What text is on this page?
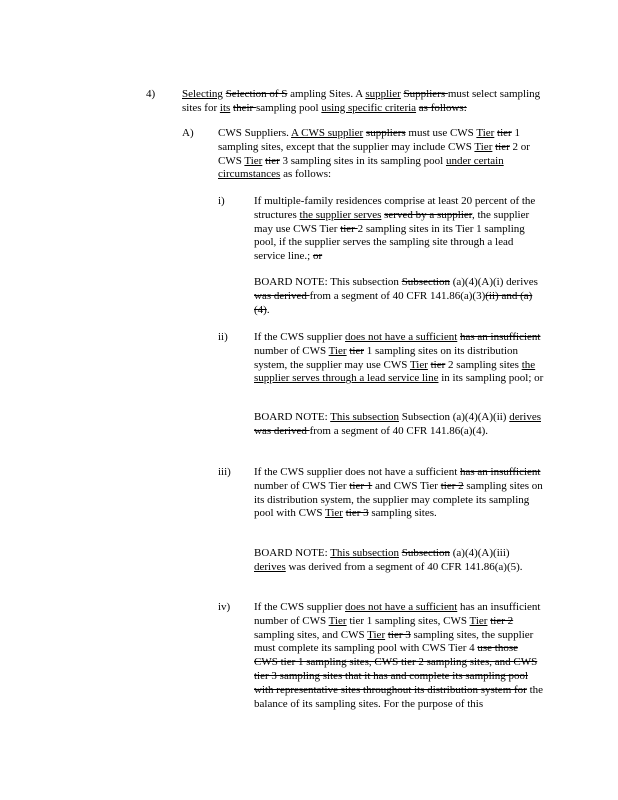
4) Selecting Selection of S ampling Sites. A supplier Suppliers must select sampling sites for its their sampling pool using specific criteria as follows:
A) CWS Suppliers. A CWS supplier suppliers must use CWS Tier tier 1 sampling sites, except that the supplier may include CWS Tier tier 2 or CWS Tier tier 3 sampling sites in its sampling pool under certain circumstances as follows:
i)	If multiple-family residences comprise at least 20 percent of the structures the supplier serves served by a supplier, the supplier may use CWS Tier tier 2 sampling sites in its Tier 1 sampling pool, if the supplier serves the sampling site through a lead service line.; or
BOARD NOTE: This subsection Subsection (a)(4)(A)(i) derives was derived from a segment of 40 CFR 141.86(a)(3)(ii) and (a)(4).
ii) If the CWS supplier does not have a sufficient has an insufficient number of CWS Tier tier 1 sampling sites on its distribution system, the supplier may use CWS Tier tier 2 sampling sites the supplier serves through a lead service line in its sampling pool; or
BOARD NOTE: This subsection Subsection (a)(4)(A)(ii) derives was derived from a segment of 40 CFR 141.86(a)(4).
iii) If the CWS supplier does not have a sufficient has an insufficient number of CWS Tier tier 1 and CWS Tier tier 2 sampling sites on its distribution system, the supplier may complete its sampling pool with CWS Tier tier 3 sampling sites.
BOARD NOTE: This subsection Subsection (a)(4)(A)(iii) derives was derived from a segment of 40 CFR 141.86(a)(5).
iv) If the CWS supplier does not have a sufficient has an insufficient number of CWS Tier tier 1 sampling sites, CWS Tier tier 2 sampling sites, and CWS Tier tier 3 sampling sites, the supplier must complete its sampling pool with CWS Tier 4 use those CWS tier 1 sampling sites, CWS tier 2 sampling sites, and CWS tier 3 sampling sites that it has and complete its sampling pool with representative sites throughout its distribution system for the balance of its sampling sites. For the purpose of this
